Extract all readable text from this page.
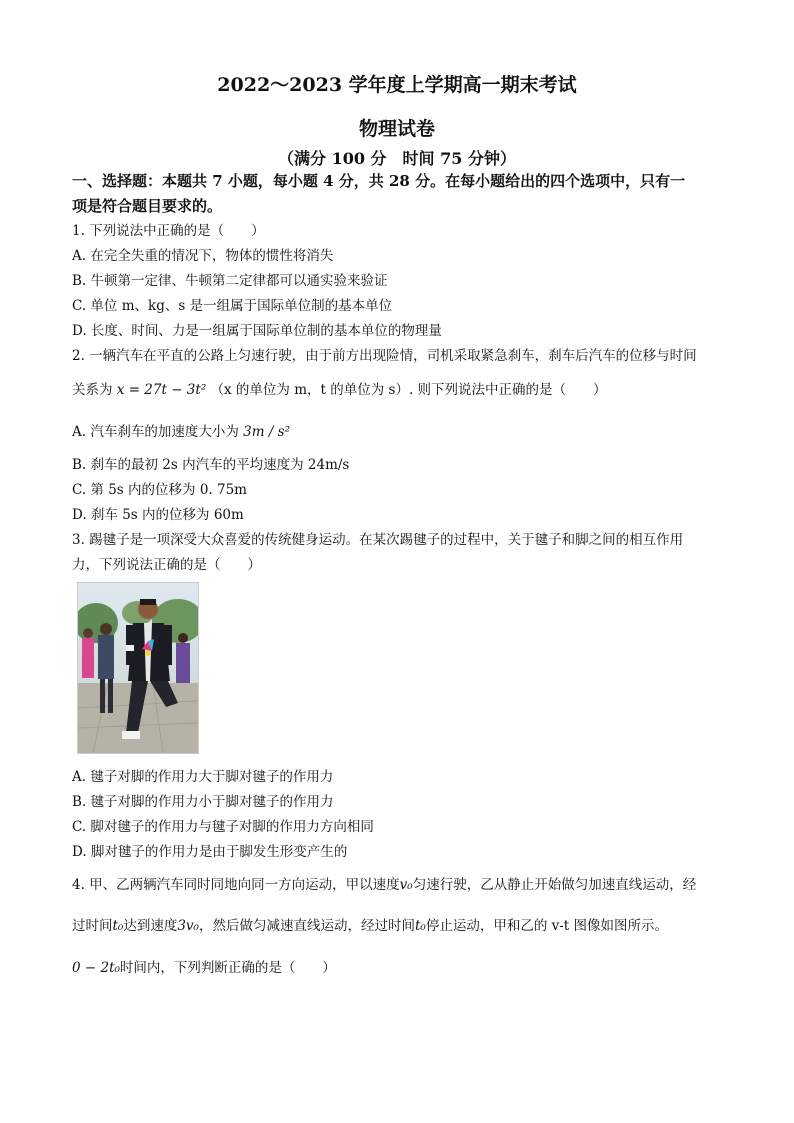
2022～2023 学年度上学期高一期末考试
物理试卷
（满分 100 分　时间 75 分钟）
一、选择题：本题共 7 小题，每小题 4 分，共 28 分。在每小题给出的四个选项中，只有一
项是符合题目要求的。
1. 下列说法中正确的是（　　）
A. 在完全失重的情况下，物体的惯性将消失
B. 牛顿第一定律、牛顿第二定律都可以通实验来验证
C. 单位 m、kg、s 是一组属于国际单位制的基本单位
D. 长度、时间、力是一组属于国际单位制的基本单位的物理量
2. 一辆汽车在平直的公路上匀速行驶，由于前方出现险情，司机采取紧急刹车，刹车后汽车的位移与时间
关系为 x = 27t − 3t² （x 的单位为 m，t 的单位为 s）. 则下列说法中正确的是（　　）
A. 汽车刹车的加速度大小为 3m / s²
B. 刹车的最初 2s 内汽车的平均速度为 24m/s
C. 第 5s 内的位移为 0. 75m
D. 刹车 5s 内的位移为 60m
3. 踢毽子是一项深受大众喜爱的传统健身运动。在某次踢毽子的过程中，关于毽子和脚之间的相互作用
力，下列说法正确的是（　　）
A. 毽子对脚的作用力大于脚对毽子的作用力
B. 毽子对脚的作用力小于脚对毽子的作用力
C. 脚对毽子的作用力与毽子对脚的作用力方向相同
D. 脚对毽子的作用力是由于脚发生形变产生的
4. 甲、乙两辆汽车同时同地向同一方向运动，甲以速度v₀匀速行驶，乙从静止开始做匀加速直线运动，经
过时间t₀达到速度3v₀，然后做匀减速直线运动，经过时间t₀停止运动，甲和乙的 v-t 图像如图所示。
0 − 2t₀时间内，下列判断正确的是（　　）
